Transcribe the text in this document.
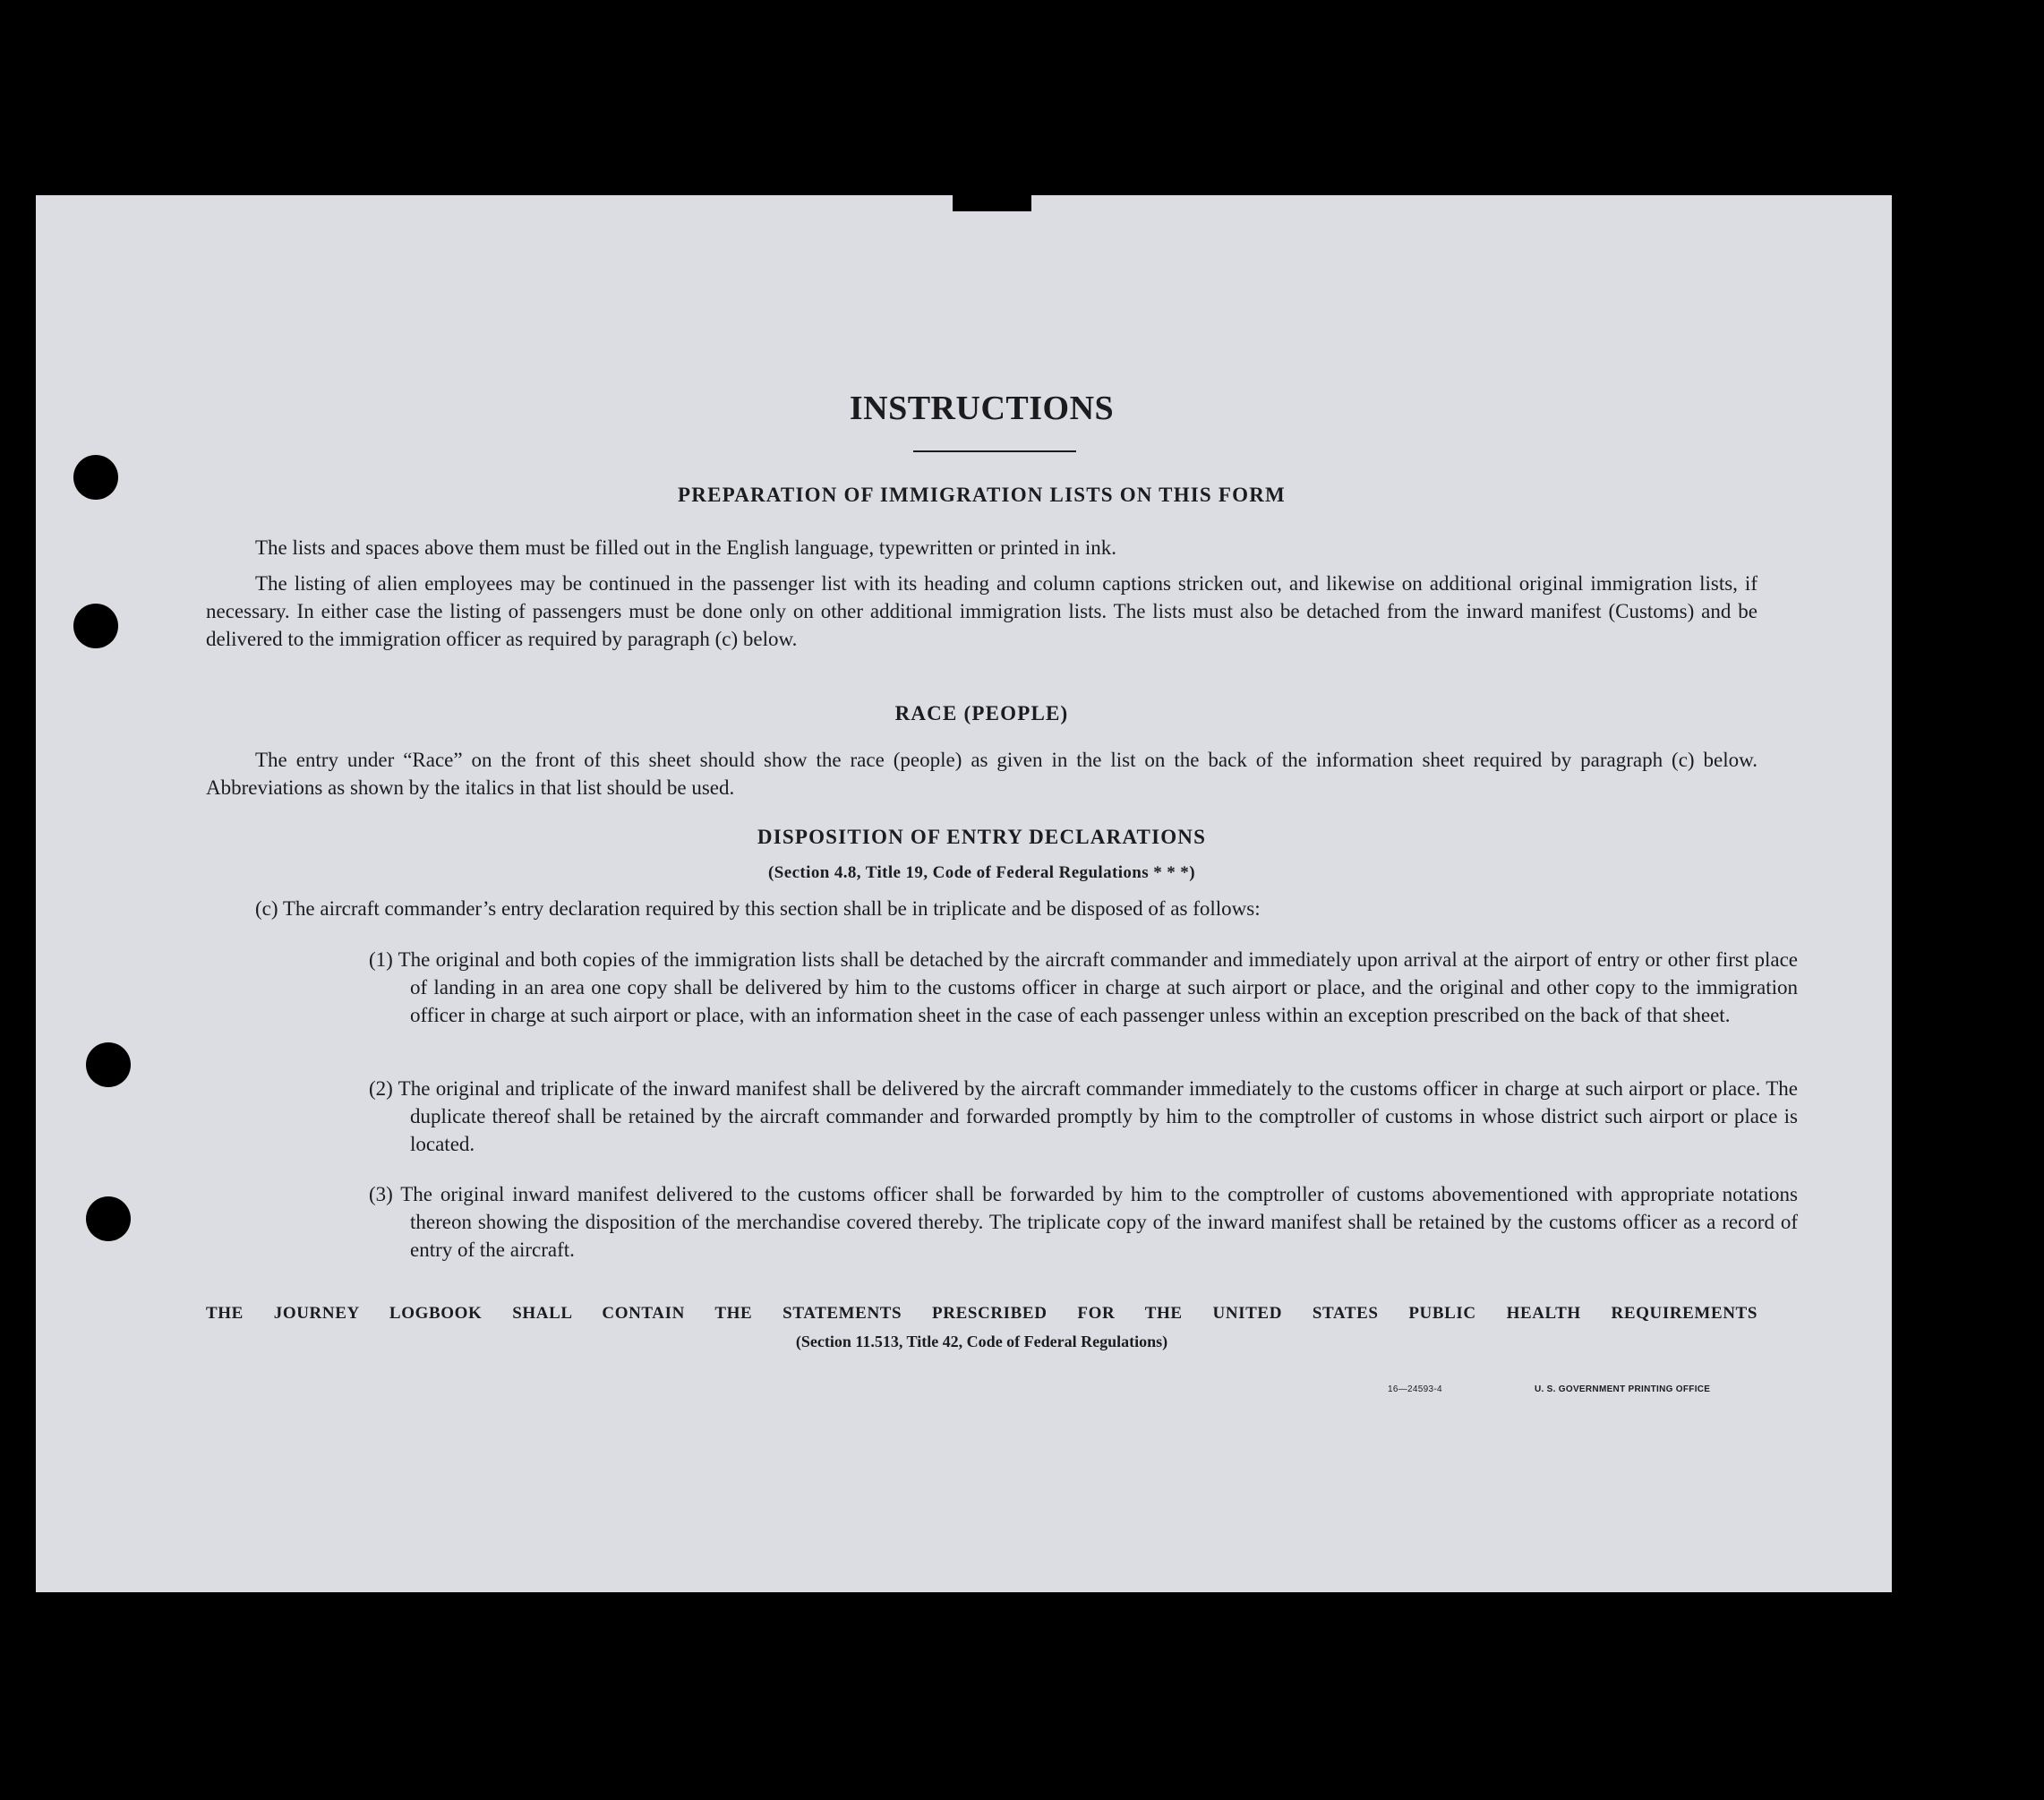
INSTRUCTIONS
PREPARATION OF IMMIGRATION LISTS ON THIS FORM
The lists and spaces above them must be filled out in the English language, typewritten or printed in ink.
The listing of alien employees may be continued in the passenger list with its heading and column captions stricken out, and likewise on additional original immigration lists, if necessary. In either case the listing of passengers must be done only on other additional immigration lists. The lists must also be detached from the inward manifest (Customs) and be delivered to the immigration officer as required by paragraph (c) below.
RACE (PEOPLE)
The entry under “Race” on the front of this sheet should show the race (people) as given in the list on the back of the information sheet required by paragraph (c) below. Abbreviations as shown by the italics in that list should be used.
DISPOSITION OF ENTRY DECLARATIONS
(Section 4.8, Title 19, Code of Federal Regulations * * *)
(c) The aircraft commander’s entry declaration required by this section shall be in triplicate and be disposed of as follows:
(1) The original and both copies of the immigration lists shall be detached by the aircraft commander and immediately upon arrival at the airport of entry or other first place of landing in an area one copy shall be delivered by him to the customs officer in charge at such airport or place, and the original and other copy to the immigration officer in charge at such airport or place, with an information sheet in the case of each passenger unless within an exception prescribed on the back of that sheet.
(2) The original and triplicate of the inward manifest shall be delivered by the aircraft commander immediately to the customs officer in charge at such airport or place. The duplicate thereof shall be retained by the aircraft commander and forwarded promptly by him to the comptroller of customs in whose district such airport or place is located.
(3) The original inward manifest delivered to the customs officer shall be forwarded by him to the comptroller of customs abovementioned with appropriate notations thereon showing the disposition of the merchandise covered thereby. The triplicate copy of the inward manifest shall be retained by the customs officer as a record of entry of the aircraft.
THE JOURNEY LOGBOOK SHALL CONTAIN THE STATEMENTS PRESCRIBED FOR THE UNITED STATES PUBLIC HEALTH REQUIREMENTS
(Section 11.513, Title 42, Code of Federal Regulations)
16—24593-4	U. S. GOVERNMENT PRINTING OFFICE
